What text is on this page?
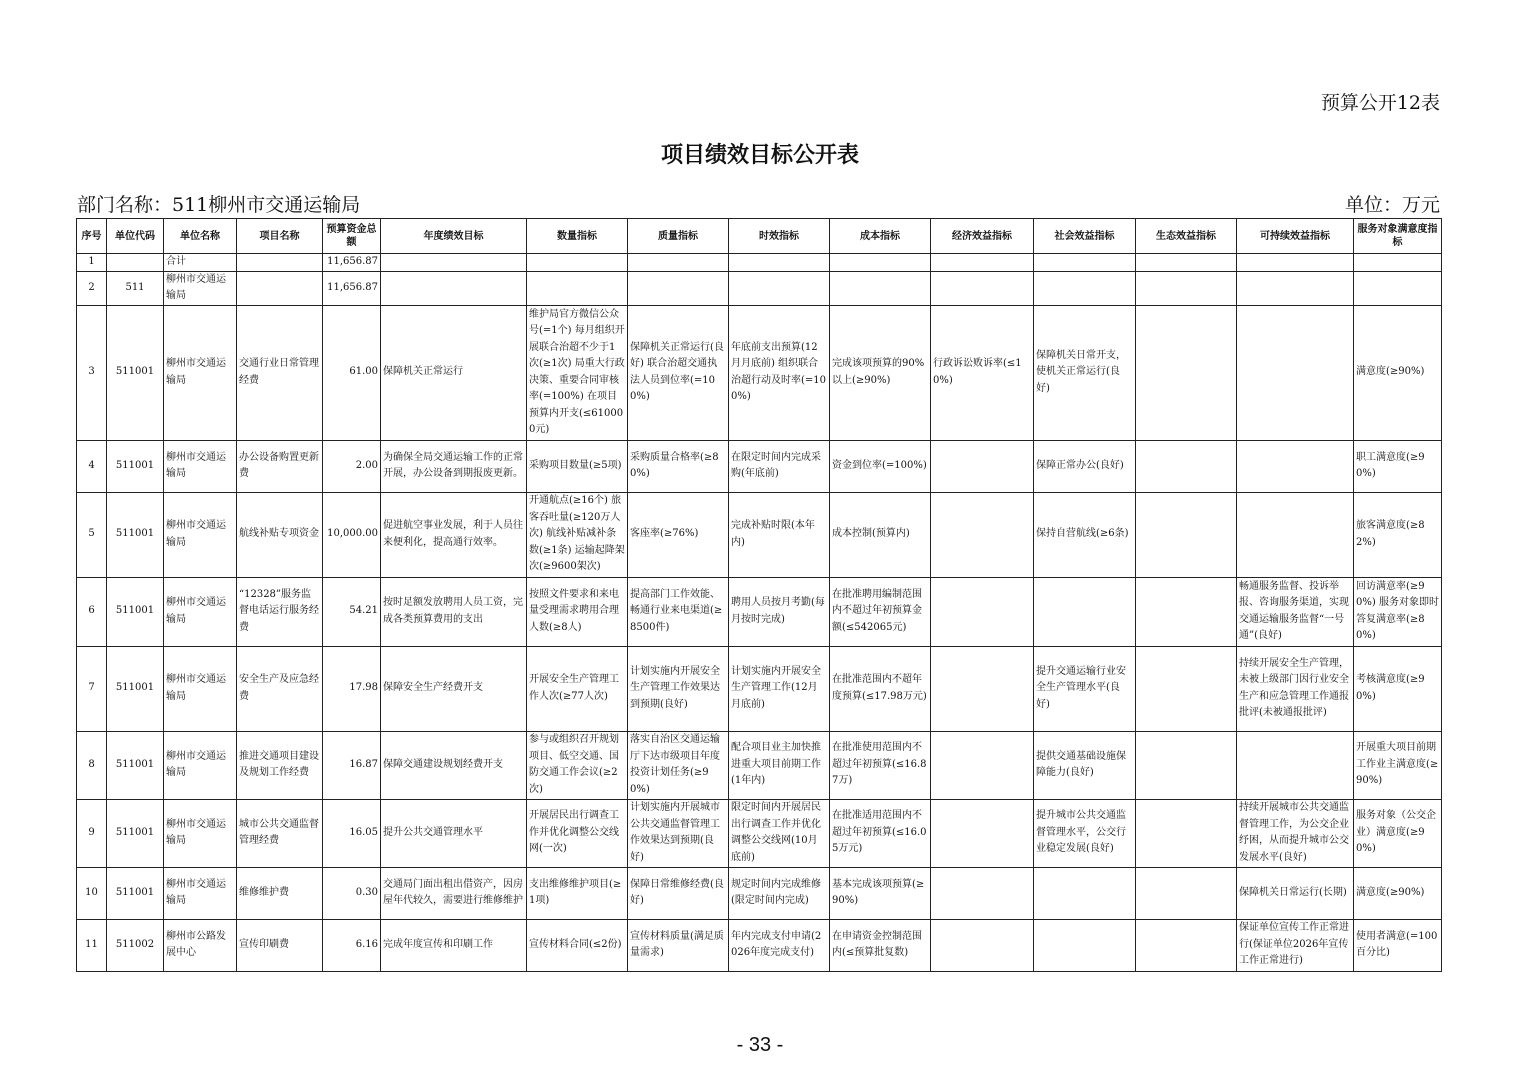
预算公开12表
项目绩效目标公开表
部门名称：511柳州市交通运输局	单位：万元
序号	单位代码	单位名称	项目名称	预算资金总额	年度绩效目标	数量指标	质量指标	时效指标	成本指标	经济效益指标	社会效益指标	生态效益指标	可持续效益指标	服务对象满意度指标
1		合计		11,656.87										
2	511	柳州市交通运输局		11,656.87										
3	511001	柳州市交通运输局	交通行业日常管理经费	61.00	保障机关正常运行	维护局官方微信公众号(=1个) 每月组织开展联合治超不少于1次(≥1次) 局重大行政决策、重要合同审核率(=100%) 在项目预算内开支(≤610000元)	保障机关正常运行(良好) 联合治超交通执法人员到位率(=100%)	年底前支出预算(12月月底前) 组织联合治超行动及时率(=100%)	完成该项预算的90%以上(≥90%)	行政诉讼败诉率(≤10%)	保障机关日常开支，使机关正常运行(良好)			满意度(≥90%)
4	511001	柳州市交通运输局	办公设备购置更新费	2.00	为确保全局交通运输工作的正常开展，办公设备到期报废更新。	采购项目数量(≥5项)	采购质量合格率(≥80%)	在限定时间内完成采购(年底前)	资金到位率(=100%)		保障正常办公(良好)			职工满意度(≥90%)
5	511001	柳州市交通运输局	航线补贴专项资金	10,000.00	促进航空事业发展，利于人员往来便利化，提高通行效率。	开通航点(≥16个) 旅客吞吐量(≥120万人次) 航线补贴减补条数(≥1条) 运输起降架次(≥9600架次)	客座率(≥76%)	完成补贴时限(本年内)	成本控制(预算内)		保持自营航线(≥6条)			旅客满意度(≥82%)
6	511001	柳州市交通运输局	“12328”服务监督电话运行服务经费	54.21	按时足额发放聘用人员工资，完成各类预算费用的支出	按照文件要求和来电量受理需求聘用合理人数(≥8人)	提高部门工作效能、畅通行业来电渠道(≥8500件)	聘用人员按月考勤(每月按时完成)	在批准聘用编制范围内不超过年初预算金额(≤542065元)				畅通服务监督、投诉举报、咨询服务渠道，实现交通运输服务监督“一号通”(良好)	回访满意率(≥90%) 服务对象即时答复满意率(≥80%)
7	511001	柳州市交通运输局	安全生产及应急经费	17.98	保障安全生产经费开支	开展安全生产管理工作人次(≥77人次)	计划实施内开展安全生产管理工作效果达到预期(良好)	计划实施内开展安全生产管理工作(12月月底前)	在批准范围内不超年度预算(≤17.98万元)		提升交通运输行业安全生产管理水平(良好)		持续开展安全生产管理，未被上级部门因行业安全生产和应急管理工作通报批评(未被通报批评)	考核满意度(≥90%)
8	511001	柳州市交通运输局	推进交通项目建设及规划工作经费	16.87	保障交通建设规划经费开支	参与或组织召开规划项目、低空交通、国防交通工作会议(≥2次)	落实自治区交通运输厅下达市级项目年度投资计划任务(≥90%)	配合项目业主加快推进重大项目前期工作(1年内)	在批准使用范围内不超过年初预算(≤16.87万)		提供交通基础设施保障能力(良好)			开展重大项目前期工作业主满意度(≥90%)
9	511001	柳州市交通运输局	城市公共交通监督管理经费	16.05	提升公共交通管理水平	开展居民出行调查工作并优化调整公交线网(一次)	计划实施内开展城市公共交通监督管理工作效果达到预期(良好)	限定时间内开展居民出行调查工作并优化调整公交线网(10月底前)	在批准适用范围内不超过年初预算(≤16.05万元)		提升城市公共交通监督管理水平，公交行业稳定发展(良好)		持续开展城市公共交通监督管理工作，为公交企业纾困，从而提升城市公交发展水平(良好)	服务对象（公交企业）满意度(≥90%)
10	511001	柳州市交通运输局	维修维护费	0.30	交通局门面出租出借资产，因房屋年代较久，需要进行维修维护	支出维修维护项目(≥1项)	保障日常维修经费(良好)	规定时间内完成维修(限定时间内完成)	基本完成该项预算(≥90%)				保障机关日常运行(长期)	满意度(≥90%)
11	511002	柳州市公路发展中心	宣传印刷费	6.16	完成年度宣传和印刷工作	宣传材料合同(≤2份)	宣传材料质量(满足质量需求)	年内完成支付申请(2026年度完成支付)	在申请资金控制范围内(≤预算批复数)				保证单位宣传工作正常进行(保证单位2026年宣传工作正常进行)	使用者满意(=100百分比)
- 33 -
